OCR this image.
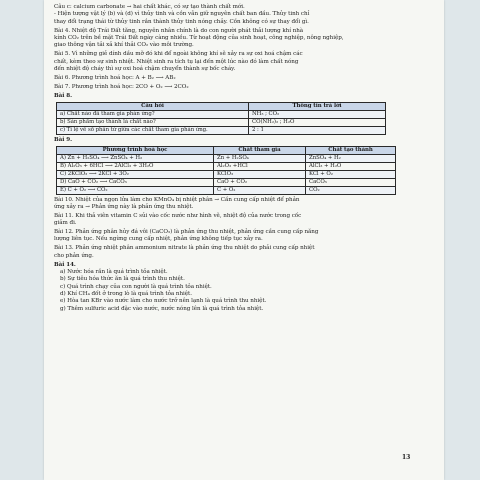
Câu c: calcium carbonate → hai chất khác, có sự tạo thành chất mới.

- Hiện tượng vật lý (b) và (d) vì thủy tinh và cồn vẫn giữ nguyên chất ban đầu. Thủy tinh chỉ

thay đổi trạng thái từ thủy tinh rắn thành thủy tinh nóng chảy. Cồn không có sự thay đổi gì.

Bài 4. Nhiệt độ Trái Đất tăng, nguyên nhân chính là do con người phát thải lượng khí nhà

kính CO₂ trên bề mặt Trái Đất ngày càng nhiều. Từ hoạt động của sinh hoạt, công nghiệp, nông nghiệp,

giao thông vận tải xả khí thải CO₂ vào môi trường.

Bài 5. Vì những giẻ dính dầu mỡ đó khi để ngoài không khí sẽ xảy ra sự oxi hoá chậm các

chất, kèm theo sự sinh nhiệt. Nhiệt sinh ra tích tụ lại đến một lúc nào đó làm chất nóng

đến nhiệt độ cháy thì sự oxi hoá chậm chuyển thành sự bốc cháy.

Bài 6. Phương trình hoá học: A + B₂ ⟶ AB₂

Bài 7. Phương trình hoá học: 2CO + O₂ ⟶ 2CO₂

Bài 8.

Câu hỏi	Thông tin trả lời
a) Chất nào đã tham gia phản ứng?	NH₃ ; CO₂
b) Sản phẩm tạo thành là chất nào?	CO(NH₂)₂ ; H₂O
c) Tỉ lệ về số phân tử giữa các chất tham gia phản ứng.	2 : 1

Bài 9.

Phương trình hoá học	Chất tham gia	Chất tạo thành
A) Zn + H₂SO₄ ⟶ ZnSO₄ + H₂	Zn + H₂SO₄	ZnSO₄ + H₂
B) Al₂O₃ + 6HCl ⟶ 2AlCl₃ + 3H₂O	Al₂O₃ +HCl	AlCl₃ + H₂O
C) 2KClO₃ ⟶ 2KCl + 3O₂	KClO₃	KCl + O₂
D) CaO + CO₂ ⟶ CaCO₃	CaO + CO₂	CaCO₃
E) C + O₂ ⟶ CO₂	C + O₂	CO₂

Bài 10. Nhiệt của ngọn lửa làm cho KMnO₄ bị nhiệt phân → Cần cung cấp nhiệt để phản

ứng xảy ra → Phản ứng này là phản ứng thu nhiệt.

Bài 11. Khi thả viên vitamin C sủi vào cốc nước như hình vẽ, nhiệt độ của nước trong cốc

giảm đi.

Bài 12. Phản ứng phân hủy đá vôi (CaCO₃) là phản ứng thu nhiệt, phản ứng cần cung cấp năng

lượng liên tục. Nếu ngừng cung cấp nhiệt, phản ứng không tiếp tục xảy ra.

Bài 13. Phản ứng nhiệt phân ammonium nitrate là phản ứng thu nhiệt do phải cung cấp nhiệt

cho phản ứng.

Bài 14.

a) Nước hóa rắn là quá trình tỏa nhiệt.

b) Sự tiêu hóa thức ăn là quá trình thu nhiệt.

c) Quá trình chạy của con người là quá trình tỏa nhiệt.

d) Khí CH₄ đốt ở trong lò là quá trình tỏa nhiệt.

e) Hòa tan KBr vào nước làm cho nước trở nên lạnh là quá trình thu nhiệt.

g) Thêm sulfuric acid đặc vào nước, nước nóng lên là quá trình tỏa nhiệt.

13
